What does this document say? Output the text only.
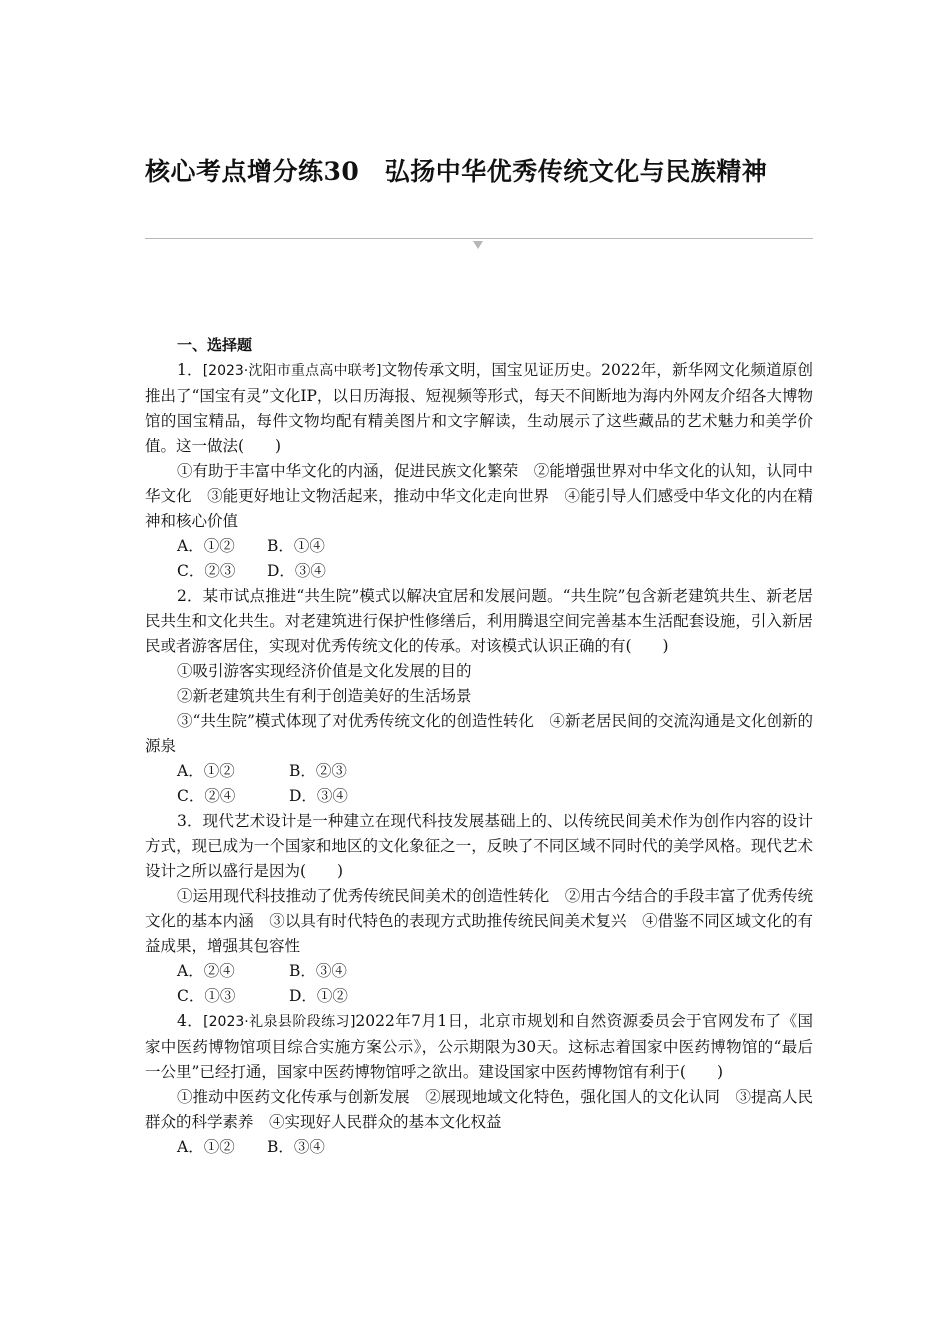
核心考点增分练30　弘扬中华优秀传统文化与民族精神
一、选择题

1．[2023·沈阳市重点高中联考]文物传承文明，国宝见证历史。2022年，新华网文化频道原创推出了“国宝有灵”文化IP，以日历海报、短视频等形式，每天不间断地为海内外网友介绍各大博物馆的国宝精品，每件文物均配有精美图片和文字解读，生动展示了这些藏品的艺术魅力和美学价值。这一做法(　　)

①有助于丰富中华文化的内涵，促进民族文化繁荣　②能增强世界对中华文化的认知，认同中华文化　③能更好地让文物活起来，推动中华文化走向世界　④能引导人们感受中华文化的内在精神和核心价值

A．①② B．①④
C．②③ D．③④

2．某市试点推进“共生院”模式以解决宜居和发展问题。“共生院”包含新老建筑共生、新老居民共生和文化共生。对老建筑进行保护性修缮后，利用腾退空间完善基本生活配套设施，引入新居民或者游客居住，实现对优秀传统文化的传承。对该模式认识正确的有(　　)

①吸引游客实现经济价值是文化发展的目的

②新老建筑共生有利于创造美好的生活场景

③“共生院”模式体现了对优秀传统文化的创造性转化　④新老居民间的交流沟通是文化创新的源泉

A．①②	B．②③
C．②④	D．③④

3．现代艺术设计是一种建立在现代科技发展基础上的、以传统民间美术作为创作内容的设计方式，现已成为一个国家和地区的文化象征之一，反映了不同区域不同时代的美学风格。现代艺术设计之所以盛行是因为(　　)

①运用现代科技推动了优秀传统民间美术的创造性转化　②用古今结合的手段丰富了优秀传统文化的基本内涵　③以具有时代特色的表现方式助推传统民间美术复兴　④借鉴不同区域文化的有益成果，增强其包容性

A．②④	B．③④
C．①③	D．①②

4．[2023·礼泉县阶段练习]2022年7月1日，北京市规划和自然资源委员会于官网发布了《国家中医药博物馆项目综合实施方案公示》，公示期限为30天。这标志着国家中医药博物馆的“最后一公里”已经打通，国家中医药博物馆呼之欲出。建设国家中医药博物馆有利于(　　)

①推动中医药文化传承与创新发展　②展现地域文化特色，强化国人的文化认同　③提高人民群众的科学素养　④实现好人民群众的基本文化权益

A．①② B．③④
